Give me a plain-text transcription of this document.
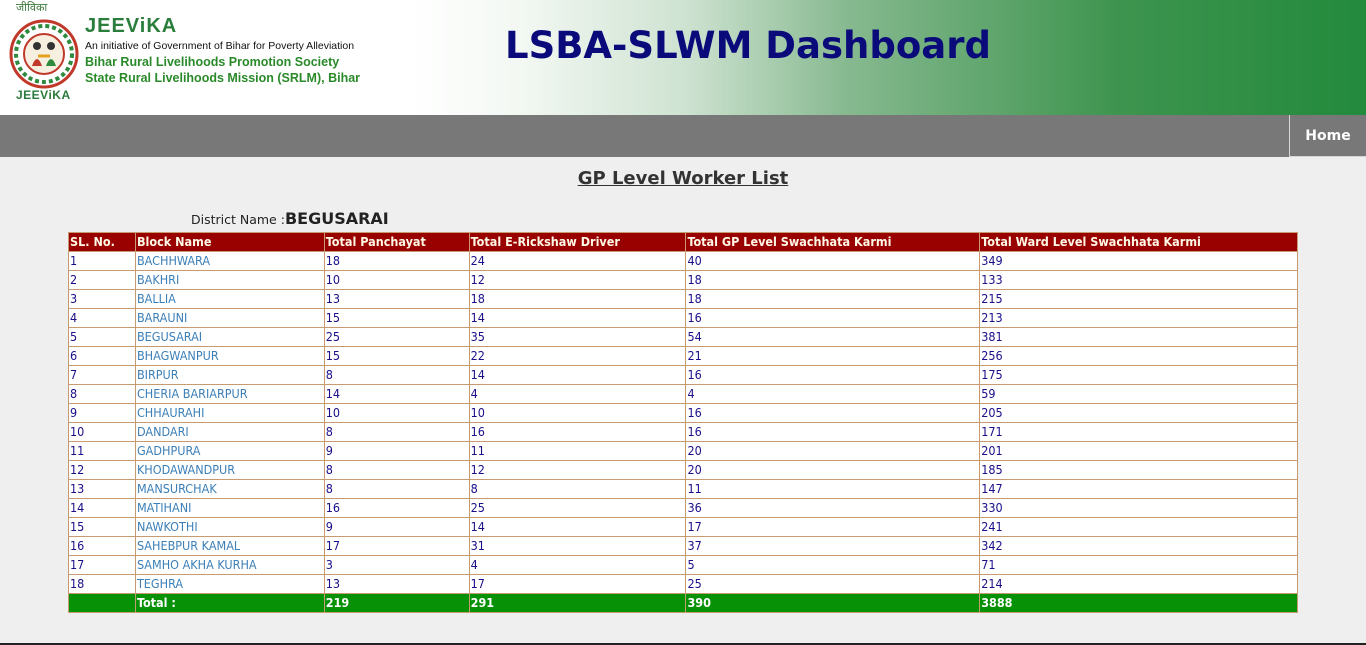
जीविका
JEEViKA
JEEViKA
An initiative of Government of Bihar for Poverty Alleviation
Bihar Rural Livelihoods Promotion Society
State Rural Livelihoods Mission (SRLM), Bihar
LSBA-SLWM Dashboard
Home
GP Level Worker List
District Name :BEGUSARAI
SL. No.	Block Name	Total Panchayat	Total E-Rickshaw Driver	Total GP Level Swachhata Karmi	Total Ward Level Swachhata Karmi
1	BACHHWARA	18	24	40	349
2	BAKHRI	10	12	18	133
3	BALLIA	13	18	18	215
4	BARAUNI	15	14	16	213
5	BEGUSARAI	25	35	54	381
6	BHAGWANPUR	15	22	21	256
7	BIRPUR	8	14	16	175
8	CHERIA BARIARPUR	14	4	4	59
9	CHHAURAHI	10	10	16	205
10	DANDARI	8	16	16	171
11	GADHPURA	9	11	20	201
12	KHODAWANDPUR	8	12	20	185
13	MANSURCHAK	8	8	11	147
14	MATIHANI	16	25	36	330
15	NAWKOTHI	9	14	17	241
16	SAHEBPUR KAMAL	17	31	37	342
17	SAMHO AKHA KURHA	3	4	5	71
18	TEGHRA	13	17	25	214
	Total :	219	291	390	3888
